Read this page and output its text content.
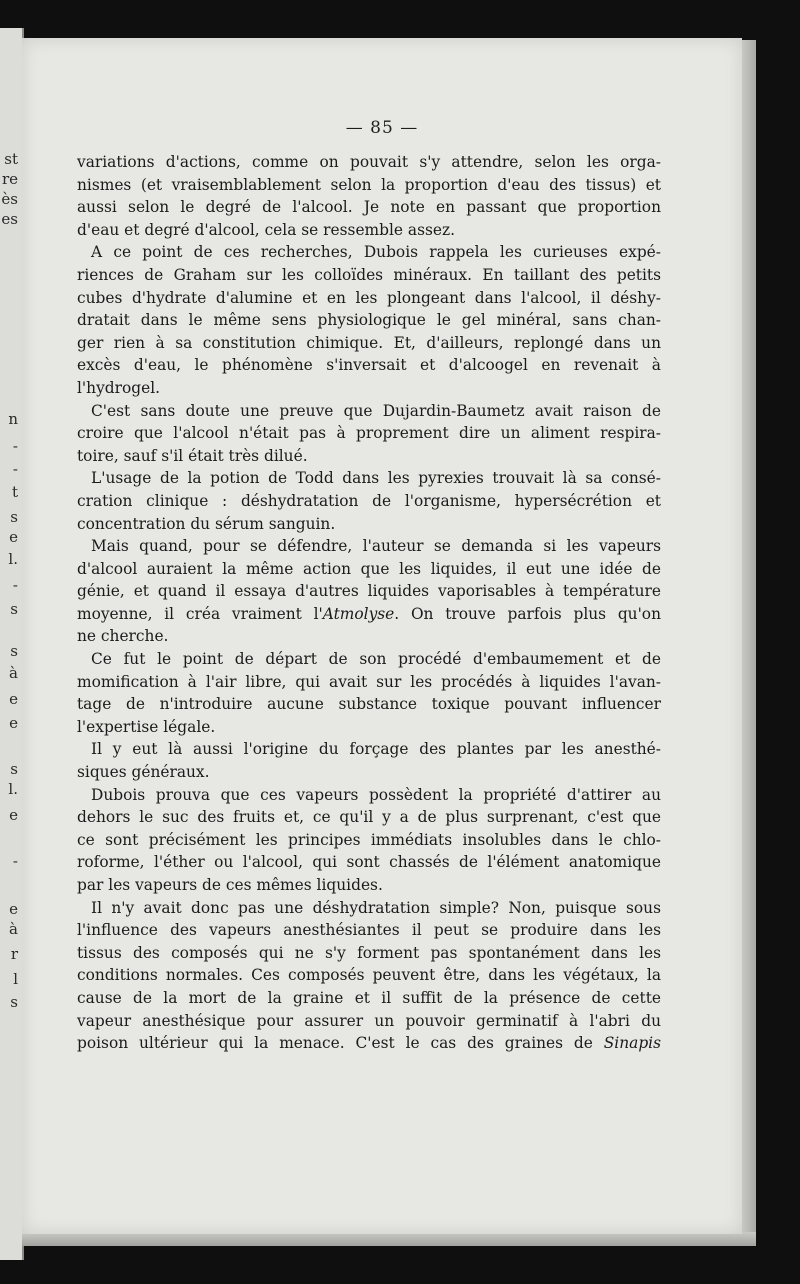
st
re
ès
es
n
-
-
t
s
e
l.
-
s
s
à
e
e
s
l.
e
-
e
à
r
l
s
— 85 —

variations d'actions, comme on pouvait s'y attendre, selon les orga-
nismes (et vraisemblablement selon la proportion d'eau des tissus) et
aussi selon le degré de l'alcool. Je note en passant que proportion
d'eau et degré d'alcool, cela se ressemble assez.

A ce point de ces recherches, Dubois rappela les curieuses expé-
riences de Graham sur les colloïdes minéraux. En taillant des petits
cubes d'hydrate d'alumine et en les plongeant dans l'alcool, il déshy-
dratait dans le même sens physiologique le gel minéral, sans chan-
ger rien à sa constitution chimique. Et, d'ailleurs, replongé dans un
excès d'eau, le phénomène s'inversait et d'alcoogel en revenait à
l'hydrogel.

C'est sans doute une preuve que Dujardin-Baumetz avait raison de
croire que l'alcool n'était pas à proprement dire un aliment respira-
toire, sauf s'il était très dilué.

L'usage de la potion de Todd dans les pyrexies trouvait là sa consé-
cration clinique : déshydratation de l'organisme, hypersécrétion et
concentration du sérum sanguin.

Mais quand, pour se défendre, l'auteur se demanda si les vapeurs
d'alcool auraient la même action que les liquides, il eut une idée de
génie, et quand il essaya d'autres liquides vaporisables à température
moyenne, il créa vraiment l'Atmolyse. On trouve parfois plus qu'on
ne cherche.

Ce fut le point de départ de son procédé d'embaumement et de
momification à l'air libre, qui avait sur les procédés à liquides l'avan-
tage de n'introduire aucune substance toxique pouvant influencer
l'expertise légale.

Il y eut là aussi l'origine du forçage des plantes par les anesthé-
siques généraux.

Dubois prouva que ces vapeurs possèdent la propriété d'attirer au
dehors le suc des fruits et, ce qu'il y a de plus surprenant, c'est que
ce sont précisément les principes immédiats insolubles dans le chlo-
roforme, l'éther ou l'alcool, qui sont chassés de l'élément anatomique
par les vapeurs de ces mêmes liquides.

Il n'y avait donc pas une déshydratation simple? Non, puisque sous
l'influence des vapeurs anesthésiantes il peut se produire dans les
tissus des composés qui ne s'y forment pas spontanément dans les
conditions normales. Ces composés peuvent être, dans les végétaux, la
cause de la mort de la graine et il suffit de la présence de cette
vapeur anesthésique pour assurer un pouvoir germinatif à l'abri du
poison ultérieur qui la menace. C'est le cas des graines de Sinapis
